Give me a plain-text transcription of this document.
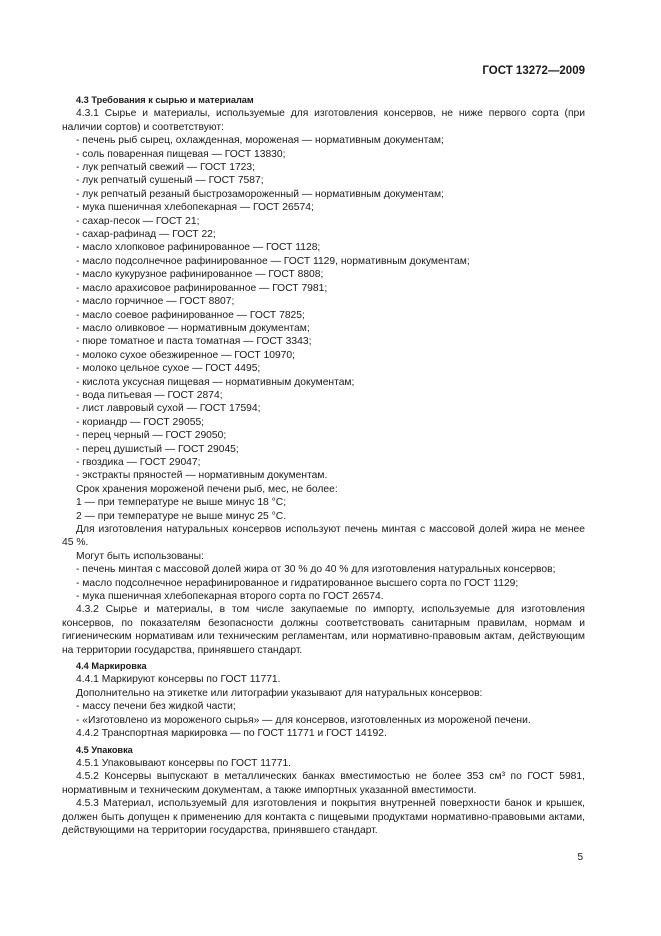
ГОСТ 13272—2009
4.3 Требования к сырью и материалам
4.3.1 Сырье и материалы, используемые для изготовления консервов, не ниже первого сорта (при наличии сортов) и соответствуют:
- печень рыб сырец, охлажденная, мороженая — нормативным документам;
- соль поваренная пищевая — ГОСТ 13830;
- лук репчатый свежий — ГОСТ 1723;
- лук репчатый сушеный — ГОСТ 7587;
- лук репчатый резаный быстрозамороженный — нормативным документам;
- мука пшеничная хлебопекарная — ГОСТ 26574;
- сахар-песок — ГОСТ 21;
- сахар-рафинад — ГОСТ 22;
- масло хлопковое рафинированное — ГОСТ 1128;
- масло подсолнечное рафинированное — ГОСТ 1129, нормативным документам;
- масло кукурузное рафинированное — ГОСТ 8808;
- масло арахисовое рафинированное — ГОСТ 7981;
- масло горчичное — ГОСТ 8807;
- масло соевое рафинированное — ГОСТ 7825;
- масло оливковое — нормативным документам;
- пюре томатное и паста томатная — ГОСТ 3343;
- молоко сухое обезжиренное — ГОСТ 10970;
- молоко цельное сухое — ГОСТ 4495;
- кислота уксусная пищевая — нормативным документам;
- вода питьевая — ГОСТ 2874;
- лист лавровый сухой — ГОСТ 17594;
- кориандр — ГОСТ 29055;
- перец черный — ГОСТ 29050;
- перец душистый — ГОСТ 29045;
- гвоздика — ГОСТ 29047;
- экстракты пряностей — нормативным документам.
Срок хранения мороженой печени рыб, мес, не более:
1 — при температуре не выше минус 18 °С;
2 — при температуре не выше минус 25 °С.
Для изготовления натуральных консервов используют печень минтая с массовой долей жира не менее 45 %.
Могут быть использованы:
- печень минтая с массовой долей жира от 30 % до 40 % для изготовления натуральных консервов;
- масло подсолнечное нерафинированное и гидратированное высшего сорта по ГОСТ 1129;
- мука пшеничная хлебопекарная второго сорта по ГОСТ 26574.
4.3.2 Сырье и материалы, в том числе закупаемые по импорту, используемые для изготовления консервов, по показателям безопасности должны соответствовать санитарным правилам, нормам и гигиеническим нормативам или техническим регламентам, или нормативно-правовым актам, действующим на территории государства, принявшего стандарт.
4.4 Маркировка
4.4.1 Маркируют консервы по ГОСТ 11771.
Дополнительно на этикетке или литографии указывают для натуральных консервов:
- массу печени без жидкой части;
- «Изготовлено из мороженого сырья» — для консервов, изготовленных из мороженой печени.
4.4.2 Транспортная маркировка — по ГОСТ 11771 и ГОСТ 14192.
4.5 Упаковка
4.5.1 Упаковывают консервы по ГОСТ 11771.
4.5.2 Консервы выпускают в металлических банках вместимостью не более 353 см³ по ГОСТ 5981, нормативным и техническим документам, а также импортных указанной вместимости.
4.5.3 Материал, используемый для изготовления и покрытия внутренней поверхности банок и крышек, должен быть допущен к применению для контакта с пищевыми продуктами нормативно-правовыми актами, действующими на территории государства, принявшего стандарт.
5
